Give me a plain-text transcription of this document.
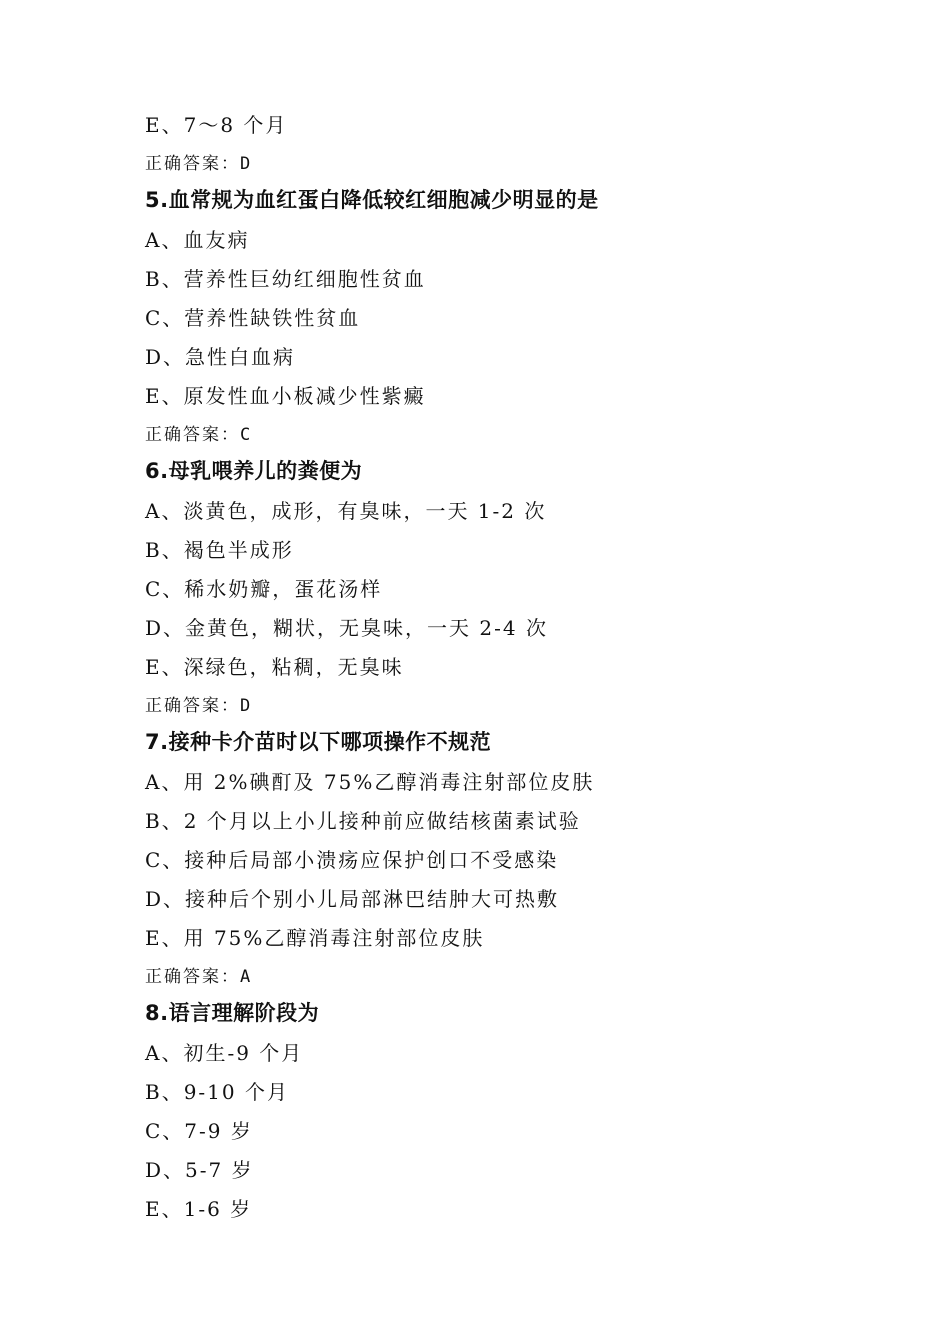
E、7～8 个月
正确答案：D
5.血常规为血红蛋白降低较红细胞减少明显的是
A、血友病
B、营养性巨幼红细胞性贫血
C、营养性缺铁性贫血
D、急性白血病
E、原发性血小板减少性紫癜
正确答案：C
6.母乳喂养儿的粪便为
A、淡黄色，成形，有臭味，一天 1-2 次
B、褐色半成形
C、稀水奶瓣，蛋花汤样
D、金黄色，糊状，无臭味，一天 2-4 次
E、深绿色，粘稠，无臭味
正确答案：D
7.接种卡介苗时以下哪项操作不规范
A、用 2%碘酊及 75%乙醇消毒注射部位皮肤
B、2 个月以上小儿接种前应做结核菌素试验
C、接种后局部小溃疡应保护创口不受感染
D、接种后个别小儿局部淋巴结肿大可热敷
E、用 75%乙醇消毒注射部位皮肤
正确答案：A
8.语言理解阶段为
A、初生-9 个月
B、9-10 个月
C、7-9 岁
D、5-7 岁
E、1-6 岁
